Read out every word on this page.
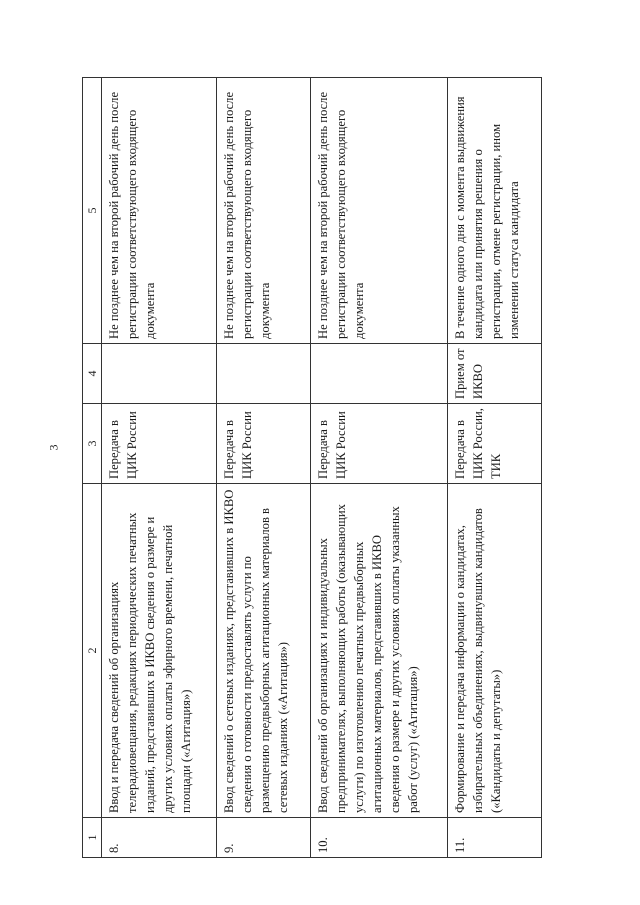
3
1	2	3	4	5
8.	Ввод и передача сведений об организациях телерадиовещания, редакциях периодических печатных изданий, представивших в ИКВО сведения о размере и других условиях оплаты эфирного времени, печатной площади («Агитация»)	Передача в ЦИК России		Не позднее чем на второй рабочий день после регистрации соответствующего входящего документа
9.	Ввод сведений о сетевых изданиях, представивших в ИКВО сведения о готовности предоставлять услуги по размещению предвыборных агитационных материалов в сетевых изданиях («Агитация»)	Передача в ЦИК России		Не позднее чем на второй рабочий день после регистрации соответствующего входящего документа
10.	Ввод сведений об организациях и индивидуальных предпринимателях, выполняющих работы (оказывающих услуги) по изготовлению печатных предвыборных агитационных материалов, представивших в ИКВО сведения о размере и других условиях оплаты указанных работ (услуг) («Агитация»)	Передача в ЦИК России		Не позднее чем на второй рабочий день после регистрации соответствующего входящего документа
11.	Формирование и передача информации о кандидатах, избирательных объединениях, выдвинувших кандидатов («Кандидаты и депутаты»)	Передача в ЦИК России, ТИК	Прием от ИКВО	В течение одного дня с момента выдвижения кандидата или принятия решения о регистрации, отмене регистрации, ином изменении статуса кандидата
